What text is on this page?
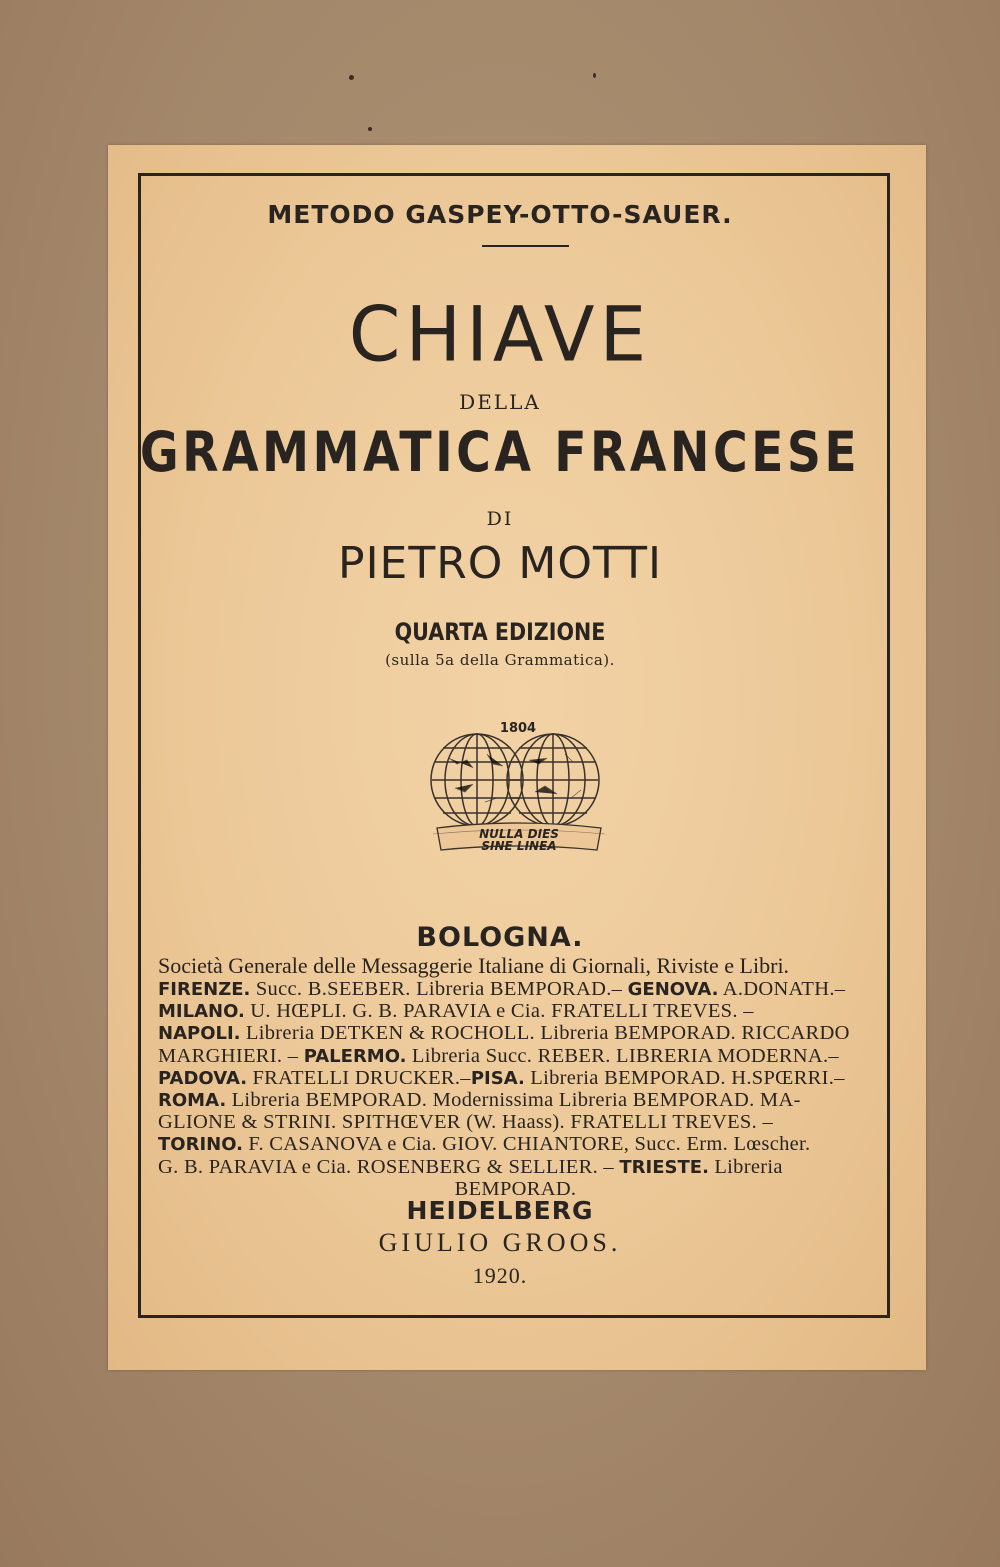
METODO GASPEY-OTTO-SAUER.
CHIAVE
DELLA
GRAMMATICA FRANCESE
DI
PIETRO MOTTI
QUARTA EDIZIONE
(sulla 5a della Grammatica).
1804
NULLA DIES
SINE LINEA
BOLOGNA.
Società Generale delle Messaggerie Italiane di Giornali, Riviste e Libri.
FIRENZE. Succ. B.SEEBER. Libreria BEMPORAD.– GENOVA. A.DONATH.–
MILANO. U. HŒPLI. G. B. PARAVIA e Cia. FRATELLI TREVES. –
NAPOLI. Libreria DETKEN & ROCHOLL. Libreria BEMPORAD. RICCARDO
MARGHIERI. – PALERMO. Libreria Succ. REBER. LIBRERIA MODERNA.–
PADOVA. FRATELLI DRUCKER.–PISA. Libreria BEMPORAD. H.SPŒRRI.–
ROMA. Libreria BEMPORAD. Modernissima Libreria BEMPORAD. MA-
GLIONE & STRINI. SPITHŒVER (W. Haass). FRATELLI TREVES. –
TORINO. F. CASANOVA e Cia. GIOV. CHIANTORE, Succ. Erm. Lœscher.
G. B. PARAVIA e Cia. ROSENBERG & SELLIER. – TRIESTE. Libreria
BEMPORAD.
HEIDELBERG
GIULIO GROOS.
1920.
